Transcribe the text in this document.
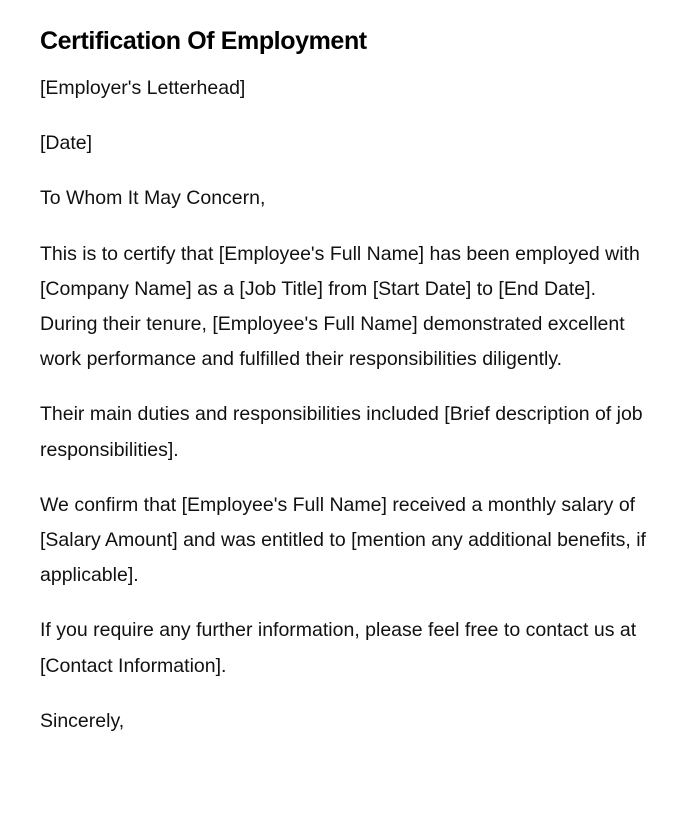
Certification Of Employment

[Employer's Letterhead]

[Date]

To Whom It May Concern,

This is to certify that [Employee's Full Name] has been employed with [Company Name] as a [Job Title] from [Start Date] to [End Date]. During their tenure, [Employee's Full Name] demonstrated excellent work performance and fulfilled their responsibilities diligently.

Their main duties and responsibilities included [Brief description of job responsibilities].

We confirm that [Employee's Full Name] received a monthly salary of [Salary Amount] and was entitled to [mention any additional benefits, if applicable].

If you require any further information, please feel free to contact us at [Contact Information].

Sincerely,
